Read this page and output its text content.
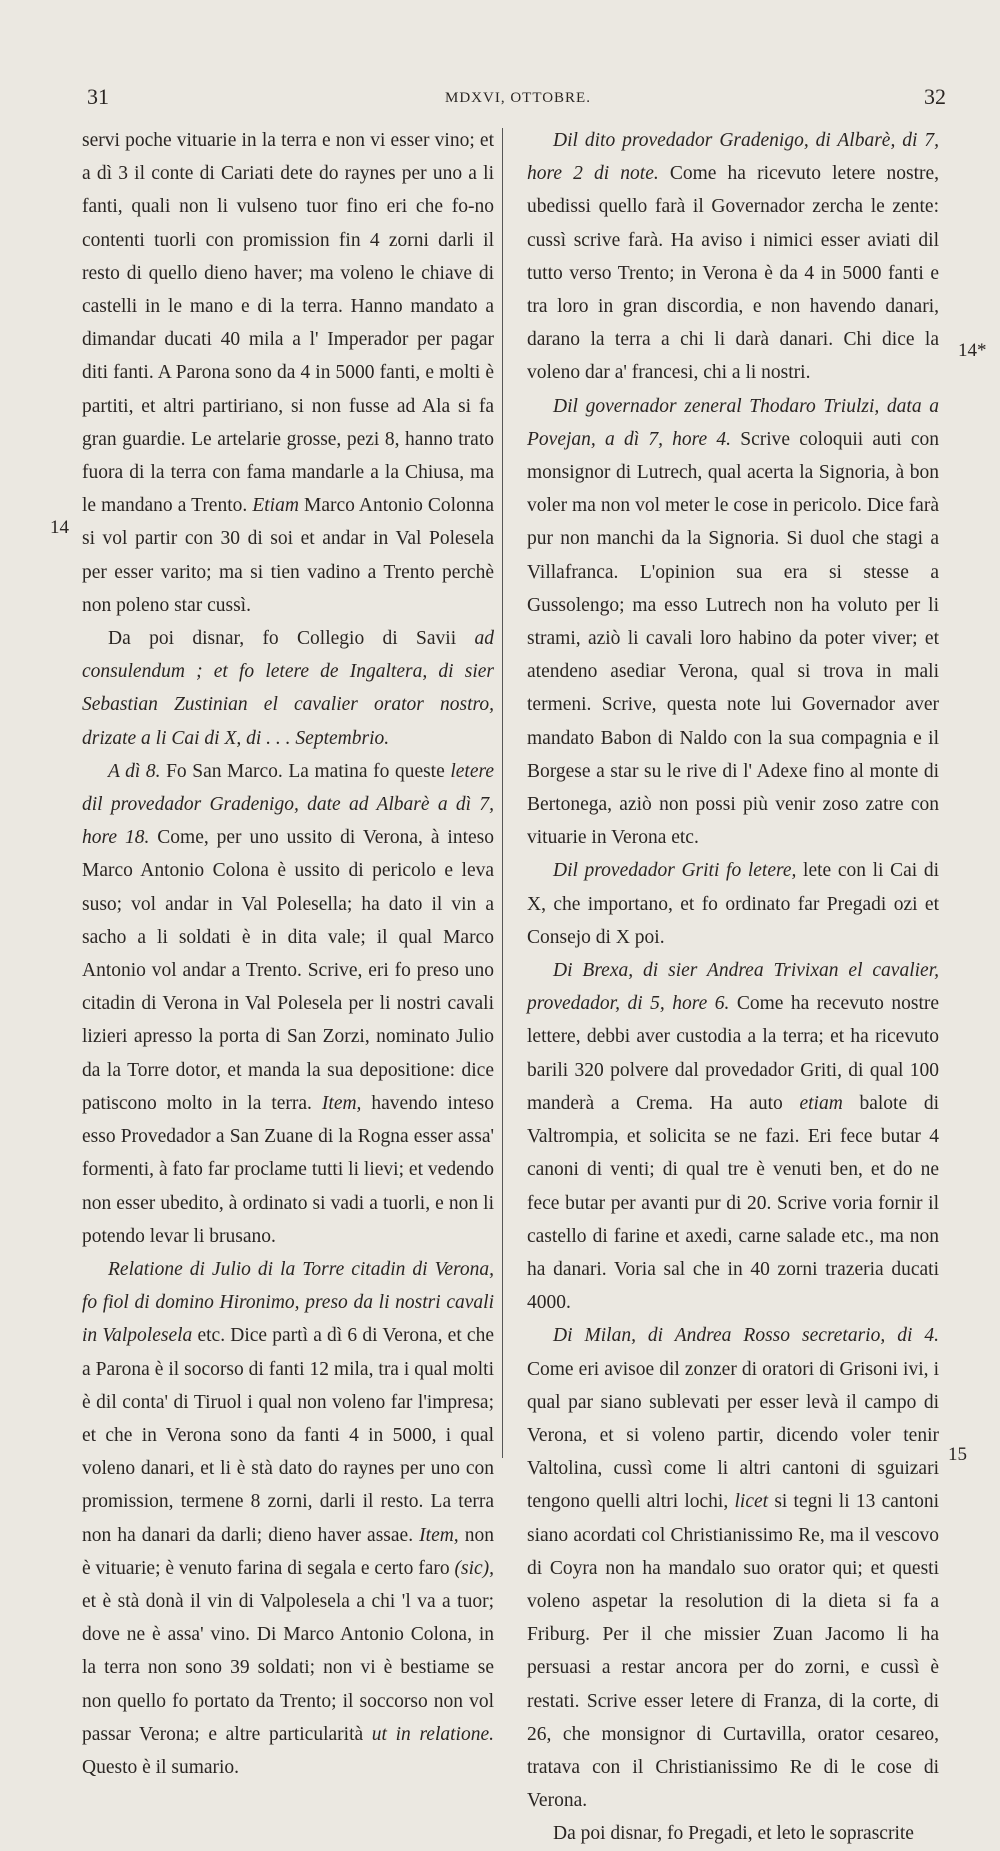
31	MDXVI, OTTOBRE.	32
14
14*
15

servi poche vituarie in la terra e non vi esser vino; et a dì 3 il conte di Cariati dete do raynes per uno a li fanti, quali non li vulseno tuor fino eri che fo-no contenti tuorli con promission fin 4 zorni darli il resto di quello dieno haver; ma voleno le chiave di castelli in le mano e di la terra. Hanno mandato a dimandar ducati 40 mila a l' Imperador per pagar diti fanti. A Parona sono da 4 in 5000 fanti, e molti è partiti, et altri partiriano, si non fusse ad Ala si fa gran guardie. Le artelarie grosse, pezi 8, hanno trato fuora di la terra con fama mandarle a la Chiusa, ma le mandano a Trento. Etiam Marco Antonio Colonna si vol partir con 30 di soi et andar in Val Polesela per esser varito; ma si tien vadino a Trento perchè non poleno star cussì.

Da poi disnar, fo Collegio di Savii ad consulendum ; et fo letere de Ingaltera, di sier Sebastian Zustinian el cavalier orator nostro, drizate a li Cai di X, di . . . Septembrio.

A dì 8. Fo San Marco. La matina fo queste letere dil provedador Gradenigo, date ad Albarè a dì 7, hore 18. Come, per uno ussito di Verona, à inteso Marco Antonio Colona è ussito di pericolo e leva suso; vol andar in Val Polesella; ha dato il vin a sacho a li soldati è in dita vale; il qual Marco Antonio vol andar a Trento. Scrive, eri fo preso uno citadin di Verona in Val Polesela per li nostri cavali lizieri apresso la porta di San Zorzi, nominato Julio da la Torre dotor, et manda la sua depositione: dice patiscono molto in la terra. Item, havendo inteso esso Provedador a San Zuane di la Rogna esser assa' formenti, à fato far proclame tutti li lievi; et vedendo non esser ubedito, à ordinato si vadi a tuorli, e non li potendo levar li brusano.

Relatione di Julio di la Torre citadin di Verona, fo fiol di domino Hironimo, preso da li nostri cavali in Valpolesela etc. Dice partì a dì 6 di Verona, et che a Parona è il socorso di fanti 12 mila, tra i qual molti è dil conta' di Tiruol i qual non voleno far l'impresa; et che in Verona sono da fanti 4 in 5000, i qual voleno danari, et li è stà dato do raynes per uno con promission, termene 8 zorni, darli il resto. La terra non ha danari da darli; dieno haver assae. Item, non è vituarie; è venuto farina di segala e certo faro (sic), et è stà donà il vin di Valpolesela a chi 'l va a tuor; dove ne è assa' vino. Di Marco Antonio Colona, in la terra non sono 39 soldati; non vi è bestiame se non quello fo portato da Trento; il soccorso non vol passar Verona; e altre particularità ut in relatione. Questo è il sumario.

Dil dito provedador Gradenigo, di Albarè, di 7, hore 2 di note. Come ha ricevuto letere nostre, ubedissi quello farà il Governador zercha le zente: cussì scrive farà. Ha aviso i nimici esser aviati dil tutto verso Trento; in Verona è da 4 in 5000 fanti e tra loro in gran discordia, e non havendo danari, darano la terra a chi li darà danari. Chi dice la voleno dar a' francesi, chi a li nostri.

Dil governador zeneral Thodaro Triulzi, data a Povejan, a dì 7, hore 4. Scrive coloquii auti con monsignor di Lutrech, qual acerta la Signoria, à bon voler ma non vol meter le cose in pericolo. Dice farà pur non manchi da la Signoria. Si duol che stagi a Villafranca. L'opinion sua era si stesse a Gussolengo; ma esso Lutrech non ha voluto per li strami, aziò li cavali loro habino da poter viver; et atendeno asediar Verona, qual si trova in mali termeni. Scrive, questa note lui Governador aver mandato Babon di Naldo con la sua compagnia e il Borgese a star su le rive di l' Adexe fino al monte di Bertonega, aziò non possi più venir zoso zatre con vituarie in Verona etc.

Dil provedador Griti fo letere, lete con li Cai di X, che importano, et fo ordinato far Pregadi ozi et Consejo di X poi.

Di Brexa, di sier Andrea Trivixan el cavalier, provedador, di 5, hore 6. Come ha recevuto nostre lettere, debbi aver custodia a la terra; et ha ricevuto barili 320 polvere dal provedador Griti, di qual 100 manderà a Crema. Ha auto etiam balote di Valtrompia, et solicita se ne fazi. Eri fece butar 4 canoni di venti; di qual tre è venuti ben, et do ne fece butar per avanti pur di 20. Scrive voria fornir il castello di farine et axedi, carne salade etc., ma non ha danari. Voria sal che in 40 zorni trazeria ducati 4000.

Di Milan, di Andrea Rosso secretario, di 4. Come eri avisoe dil zonzer di oratori di Grisoni ivi, i qual par siano sublevati per esser levà il campo di Verona, et si voleno partir, dicendo voler tenir Valtolina, cussì come li altri cantoni di sguizari tengono quelli altri lochi, licet si tegni li 13 cantoni siano acordati col Christianissimo Re, ma il vescovo di Coyra non ha mandalo suo orator qui; et questi voleno aspetar la resolution di la dieta si fa a Friburg. Per il che missier Zuan Jacomo li ha persuasi a restar ancora per do zorni, e cussì è restati. Scrive esser letere di Franza, di la corte, di 26, che monsignor di Curtavilla, orator cesareo, tratava con il Christianissimo Re di le cose di Verona.

Da poi disnar, fo Pregadi, et leto le soprascrite
